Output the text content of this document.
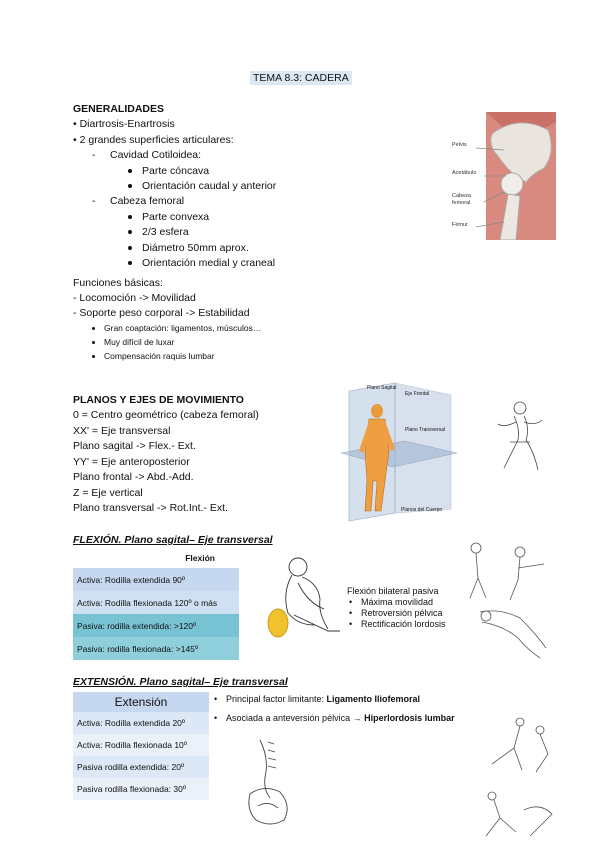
TEMA 8.3: CADERA
GENERALIDADES
• Diartrosis-Enartrosis
• 2 grandes superficies articulares:
- Cavidad Cotiloidea:
Parte cóncava
Orientación caudal y anterior
- Cabeza femoral
Parte convexa
2/3 esfera
Diámetro 50mm aprox.
Orientación medial y craneal
Pelvis
Acetábulo
Cabeza femoral
Fémur
Funciones básicas:
- Locomoción -> Movilidad
- Soporte peso corporal -> Estabilidad
Gran coaptación: ligamentos, músculos…
Muy difícil de luxar
Compensación raquis lumbar
PLANOS Y EJES DE MOVIMIENTO
0 = Centro geométrico (cabeza femoral)
XX' = Eje transversal
Plano sagital -> Flex.- Ext.
YY' = Eje anteroposterior
Plano frontal -> Abd.-Add.
Z = Eje vertical
Plano transversal -> Rot.Int.- Ext.
Plano Sagital
Eje Frontal
Plano Transversal
Planos del Cuerpo
FLEXIÓN. Plano sagital– Eje transversal
Flexión
Activa: Rodilla extendida 90º
Activa: Rodilla flexionada 120º o más
Pasiva: rodilla extendida: >120º
Pasiva: rodilla flexionada: >145º
Flexión bilateral pasiva
• Máxima movilidad
• Retroversión pélvica
• Rectificación lordosis
EXTENSIÓN. Plano sagital– Eje transversal
Extensión
Activa: Rodilla extendida 20º
Activa: Rodilla flexionada 10º
Pasiva rodilla extendida: 20º
Pasiva rodilla flexionada: 30º
• Principal factor limitante: Ligamento Iliofemoral
• Asociada a anteversión pélvica → Hiperlordosis lumbar
